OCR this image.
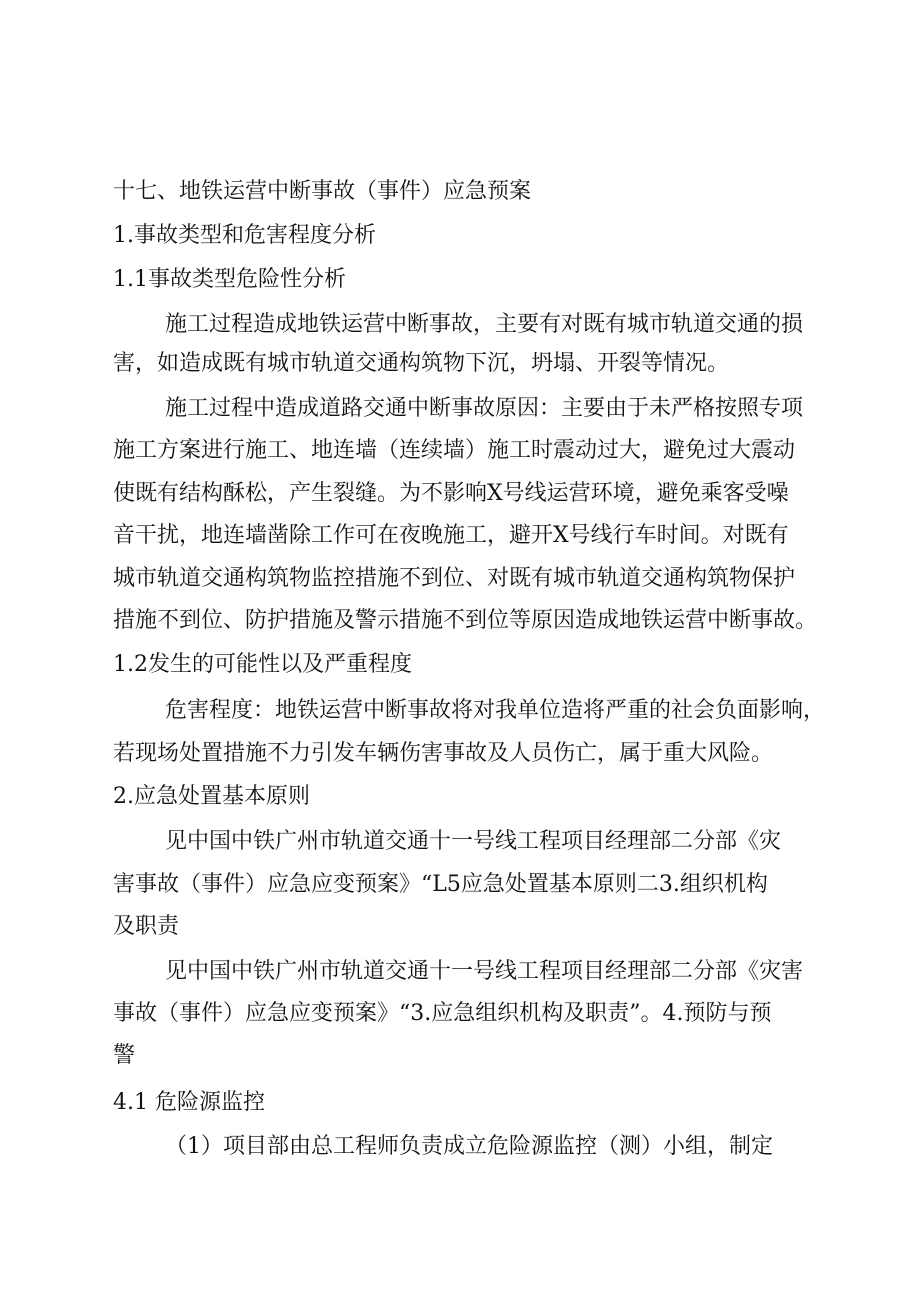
十七、地铁运营中断事故（事件）应急预案
1.事故类型和危害程度分析
1.1事故类型危险性分析
施工过程造成地铁运营中断事故，主要有对既有城市轨道交通的损
害，如造成既有城市轨道交通构筑物下沉，坍塌、开裂等情况。
施工过程中造成道路交通中断事故原因：主要由于未严格按照专项
施工方案进行施工、地连墙（连续墙）施工时震动过大，避免过大震动
使既有结构酥松，产生裂缝。为不影响X号线运营环境，避免乘客受噪
音干扰，地连墙凿除工作可在夜晚施工，避开X号线行车时间。对既有
城市轨道交通构筑物监控措施不到位、对既有城市轨道交通构筑物保护
措施不到位、防护措施及警示措施不到位等原因造成地铁运营中断事故。
1.2发生的可能性以及严重程度
危害程度：地铁运营中断事故将对我单位造将严重的社会负面影响，
若现场处置措施不力引发车辆伤害事故及人员伤亡，属于重大风险。
2.应急处置基本原则
见中国中铁广州市轨道交通十一号线工程项目经理部二分部《灾
害事故（事件）应急应变预案》“L5应急处置基本原则二3.组织机构
及职责
见中国中铁广州市轨道交通十一号线工程项目经理部二分部《灾害
事故（事件）应急应变预案》“3.应急组织机构及职责”。4.预防与预
警
4.1 危险源监控
（1）项目部由总工程师负责成立危险源监控（测）小组，制定
